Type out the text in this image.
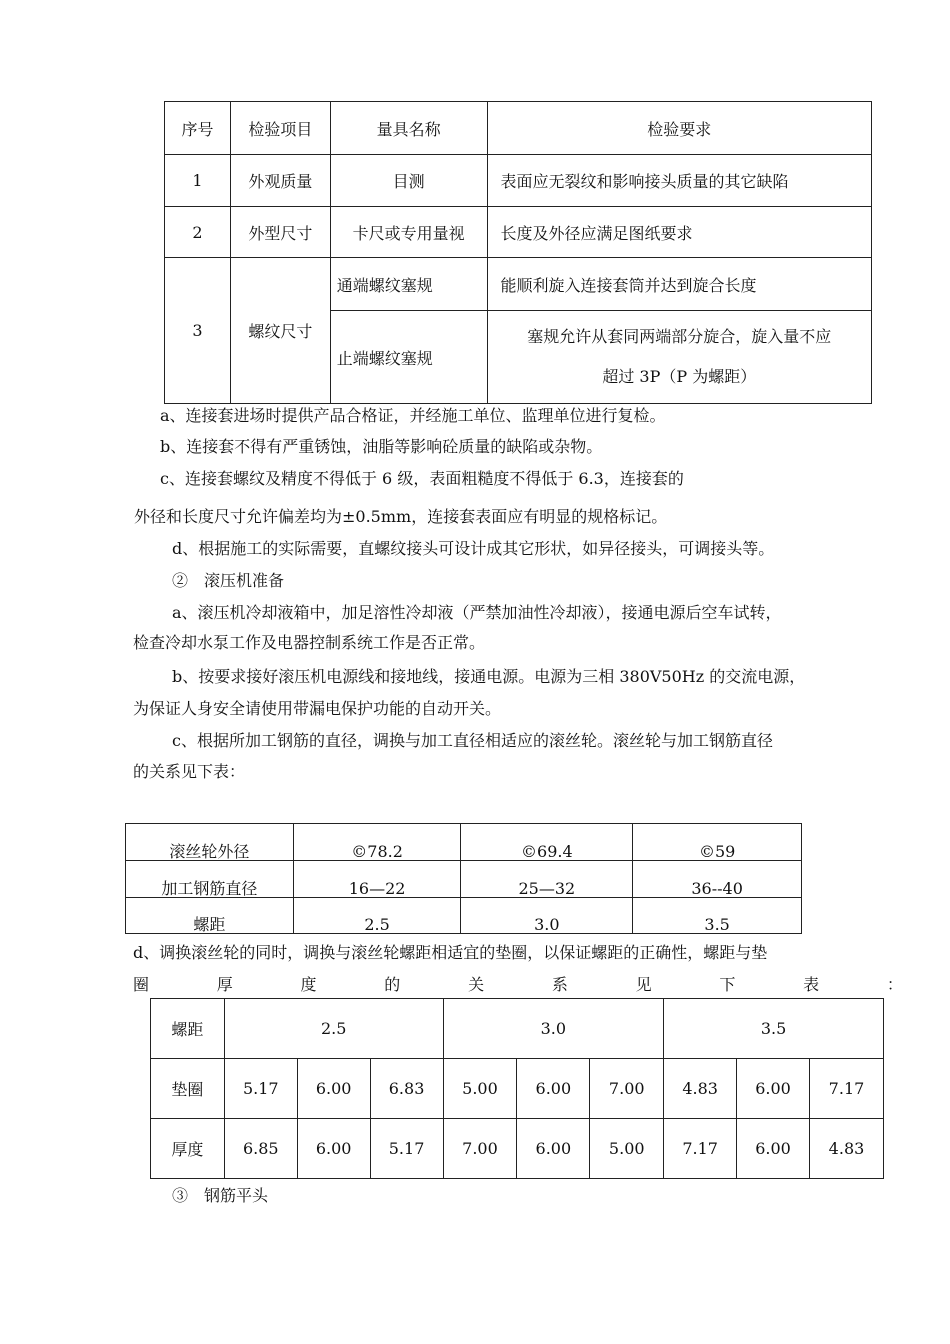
序号	检验项目	量具名称	检验要求
1	外观质量	目测	表面应无裂纹和影响接头质量的其它缺陷
2	外型尺寸	卡尺或专用量视	长度及外径应满足图纸要求
3	螺纹尺寸	通端螺纹塞规	能顺利旋入连接套筒并达到旋合长度
		止端螺纹塞规	塞规允许从套同两端部分旋合，旋入量不应
超过 3P（P 为螺距）
a、连接套进场时提供产品合格证，并经施工单位、监理单位进行复检。
b、连接套不得有严重锈蚀，油脂等影响砼质量的缺陷或杂物。
c、连接套螺纹及精度不得低于 6 级，表面粗糙度不得低于 6.3，连接套的
外径和长度尺寸允许偏差均为±0.5mm，连接套表面应有明显的规格标记。
d、根据施工的实际需要，直螺纹接头可设计成其它形状，如异径接头，可调接头等。
②　滚压机准备
a、滚压机冷却液箱中，加足溶性冷却液（严禁加油性冷却液），接通电源后空车试转，
检查冷却水泵工作及电器控制系统工作是否正常。
b、按要求接好滚压机电源线和接地线，接通电源。电源为三相 380V50Hz 的交流电源，
为保证人身安全请使用带漏电保护功能的自动开关。
c、根据所加工钢筋的直径，调换与加工直径相适应的滚丝轮。滚丝轮与加工钢筋直径
的关系见下表：
滚丝轮外径	©78.2	©69.4	©59
加工钢筋直径	16—22	25—32	36--40
螺距	2.5	3.0	3.5
d、调换滚丝轮的同时，调换与滚丝轮螺距相适宜的垫圈，以保证螺距的正确性，螺距与垫
圈	厚	度	的	关	系	见	下	表	：
螺距	2.5			3.0			3.5		
垫圈	5.17	6.00	6.83	5.00	6.00	7.00	4.83	6.00	7.17
厚度	6.85	6.00	5.17	7.00	6.00	5.00	7.17	6.00	4.83
③　钢筋平头
